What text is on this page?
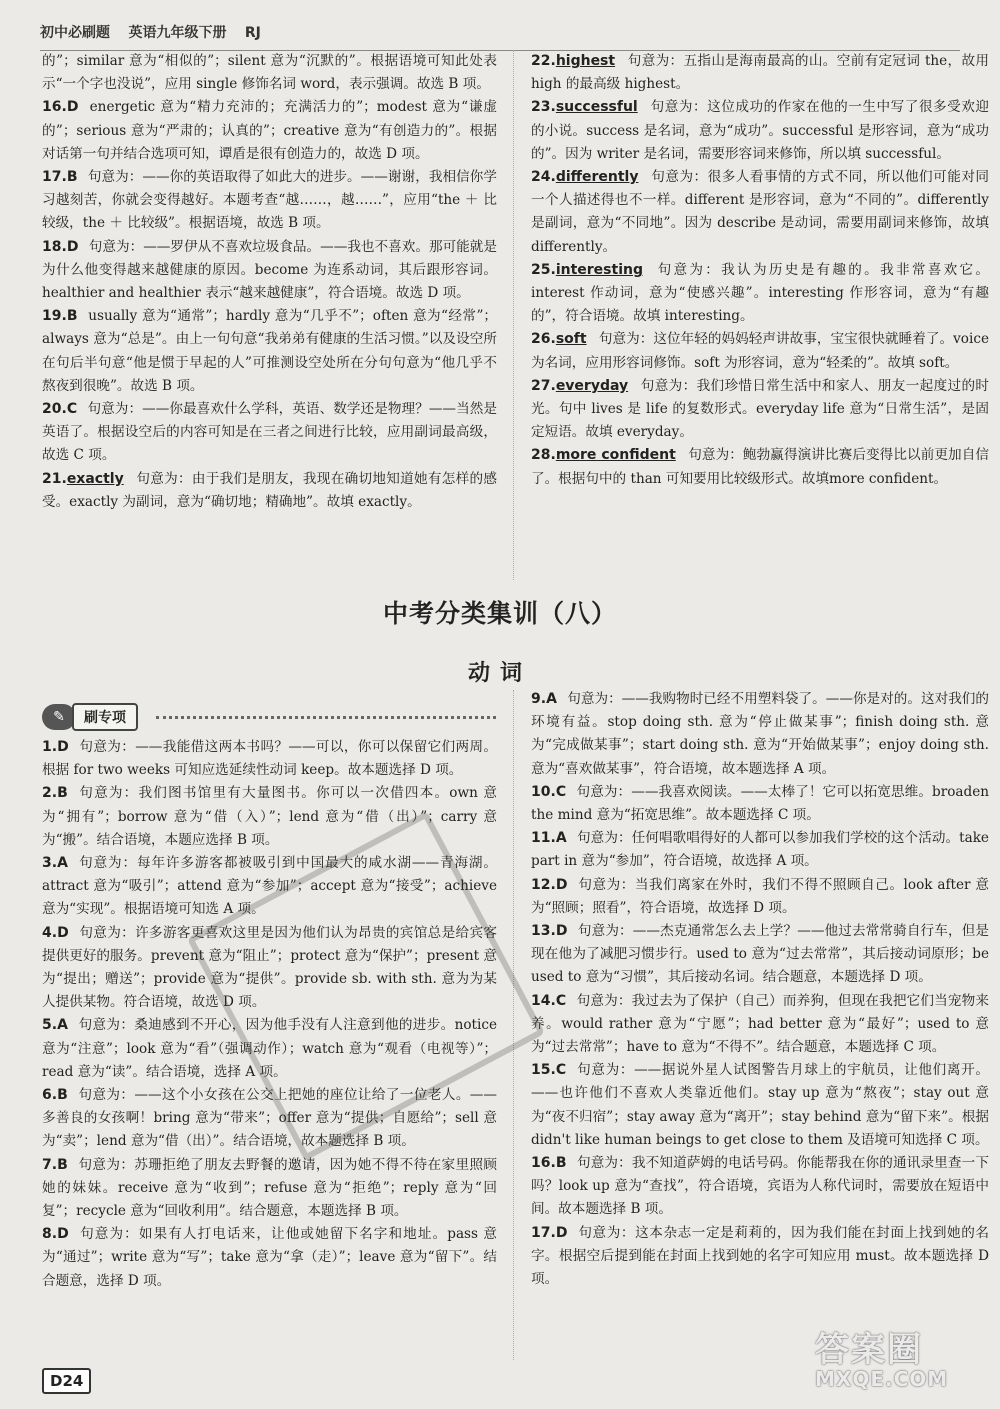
初中必刷题 英语九年级下册 RJ
的”；similar 意为“相似的”；silent 意为“沉默的”。根据语境可知此处表示“一个字也没说”，应用 single 修饰名词 word，表示强调。故选 B 项。
16.D energetic 意为“精力充沛的；充满活力的”；modest 意为“谦虚的”；serious 意为“严肃的；认真的”；creative 意为“有创造力的”。根据对话第一句并结合选项可知，谭盾是很有创造力的，故选 D 项。
17.B 句意为：——你的英语取得了如此大的进步。——谢谢，我相信你学习越刻苦，你就会变得越好。本题考查“越……，越……”，应用“the ＋ 比较级，the ＋ 比较级”。根据语境，故选 B 项。
18.D 句意为：——罗伊从不喜欢垃圾食品。——我也不喜欢。那可能就是为什么他变得越来越健康的原因。become 为连系动词，其后跟形容词。healthier and healthier 表示“越来越健康”，符合语境。故选 D 项。
19.B usually 意为“通常”；hardly 意为“几乎不”；often 意为“经常”；always 意为“总是”。由上一句句意“我弟弟有健康的生活习惯。”以及设空所在句后半句意“他是惯于早起的人”可推测设空处所在分句句意为“他几乎不熬夜到很晚”。故选 B 项。
20.C 句意为：——你最喜欢什么学科，英语、数学还是物理？——当然是英语了。根据设空后的内容可知是在三者之间进行比较，应用副词最高级，故选 C 项。
21.exactly 句意为：由于我们是朋友，我现在确切地知道她有怎样的感受。exactly 为副词，意为“确切地；精确地”。故填 exactly。
22.highest 句意为：五指山是海南最高的山。空前有定冠词 the，故用 high 的最高级 highest。
23.successful 句意为：这位成功的作家在他的一生中写了很多受欢迎的小说。success 是名词，意为“成功”。successful 是形容词，意为“成功的”。因为 writer 是名词，需要形容词来修饰，所以填 successful。
24.differently 句意为：很多人看事情的方式不同，所以他们可能对同一个人描述得也不一样。different 是形容词，意为“不同的”。differently 是副词，意为“不同地”。因为 describe 是动词，需要用副词来修饰，故填 differently。
25.interesting 句意为：我认为历史是有趣的。我非常喜欢它。interest 作动词，意为“使感兴趣”。interesting 作形容词，意为“有趣的”，符合语境。故填 interesting。
26.soft 句意为：这位年轻的妈妈轻声讲故事，宝宝很快就睡着了。voice 为名词，应用形容词修饰。soft 为形容词，意为“轻柔的”。故填 soft。
27.everyday 句意为：我们珍惜日常生活中和家人、朋友一起度过的时光。句中 lives 是 life 的复数形式。everyday life 意为“日常生活”，是固定短语。故填 everyday。
28.more confident 句意为：鲍勃赢得演讲比赛后变得比以前更加自信了。根据句中的 than 可知要用比较级形式。故填more confident。
中考分类集训（八）
动词
✎	刷专项
1.D 句意为：——我能借这两本书吗？——可以，你可以保留它们两周。根据 for two weeks 可知应选延续性动词 keep。故本题选择 D 项。
2.B 句意为：我们图书馆里有大量图书。你可以一次借四本。own 意为“拥有”；borrow 意为“借（入）”；lend 意为“借（出）”；carry 意为“搬”。结合语境，本题应选择 B 项。
3.A 句意为：每年许多游客都被吸引到中国最大的咸水湖——青海湖。attract 意为“吸引”；attend 意为“参加”；accept 意为“接受”；achieve 意为“实现”。根据语境可知选 A 项。
4.D 句意为：许多游客更喜欢这里是因为他们认为昂贵的宾馆总是给宾客提供更好的服务。prevent 意为“阻止”；protect 意为“保护”；present 意为“提出；赠送”；provide 意为“提供”。provide sb. with sth. 意为为某人提供某物。符合语境，故选 D 项。
5.A 句意为：桑迪感到不开心，因为他手没有人注意到他的进步。notice 意为“注意”；look 意为“看”（强调动作）；watch 意为“观看（电视等）”；read 意为“读”。结合语境，选择 A 项。
6.B 句意为：——这个小女孩在公交上把她的座位让给了一位老人。——多善良的女孩啊！bring 意为“带来”；offer 意为“提供；自愿给”；sell 意为“卖”；lend 意为“借（出）”。结合语境，故本题选择 B 项。
7.B 句意为：苏珊拒绝了朋友去野餐的邀请，因为她不得不待在家里照顾她的妹妹。receive 意为“收到”；refuse 意为“拒绝”；reply 意为“回复”；recycle 意为“回收利用”。结合题意，本题选择 B 项。
8.D 句意为：如果有人打电话来，让他或她留下名字和地址。pass 意为“通过”；write 意为“写”；take 意为“拿（走）”；leave 意为“留下”。结合题意，选择 D 项。
9.A 句意为：——我购物时已经不用塑料袋了。——你是对的。这对我们的环境有益。stop doing sth. 意为“停止做某事”；finish doing sth. 意为“完成做某事”；start doing sth. 意为“开始做某事”；enjoy doing sth. 意为“喜欢做某事”，符合语境，故本题选择 A 项。
10.C 句意为：——我喜欢阅读。——太棒了！它可以拓宽思维。broaden the mind 意为“拓宽思维”。故本题选择 C 项。
11.A 句意为：任何唱歌唱得好的人都可以参加我们学校的这个活动。take part in 意为“参加”，符合语境，故选择 A 项。
12.D 句意为：当我们离家在外时，我们不得不照顾自己。look after 意为“照顾；照看”，符合语境，故选择 D 项。
13.D 句意为：——杰克通常怎么去上学？——他过去常常骑自行车，但是现在他为了减肥习惯步行。used to 意为“过去常常”，其后接动词原形；be used to 意为“习惯”，其后接动名词。结合题意，本题选择 D 项。
14.C 句意为：我过去为了保护（自己）而养狗，但现在我把它们当宠物来养。would rather 意为“宁愿”；had better 意为“最好”；used to 意为“过去常常”；have to 意为“不得不”。结合题意，本题选择 C 项。
15.C 句意为：——据说外星人试图警告月球上的宇航员，让他们离开。——也许他们不喜欢人类靠近他们。stay up 意为“熬夜”；stay out 意为“夜不归宿”；stay away 意为“离开”；stay behind 意为“留下来”。根据 didn't like human beings to get close to them 及语境可知选择 C 项。
16.B 句意为：我不知道萨姆的电话号码。你能帮我在你的通讯录里查一下吗？look up 意为“查找”，符合语境，宾语为人称代词时，需要放在短语中间。故本题选择 B 项。
17.D 句意为：这本杂志一定是莉莉的，因为我们能在封面上找到她的名字。根据空后提到能在封面上找到她的名字可知应用 must。故本题选择 D 项。
D24
答案圈
MXQE.COM
